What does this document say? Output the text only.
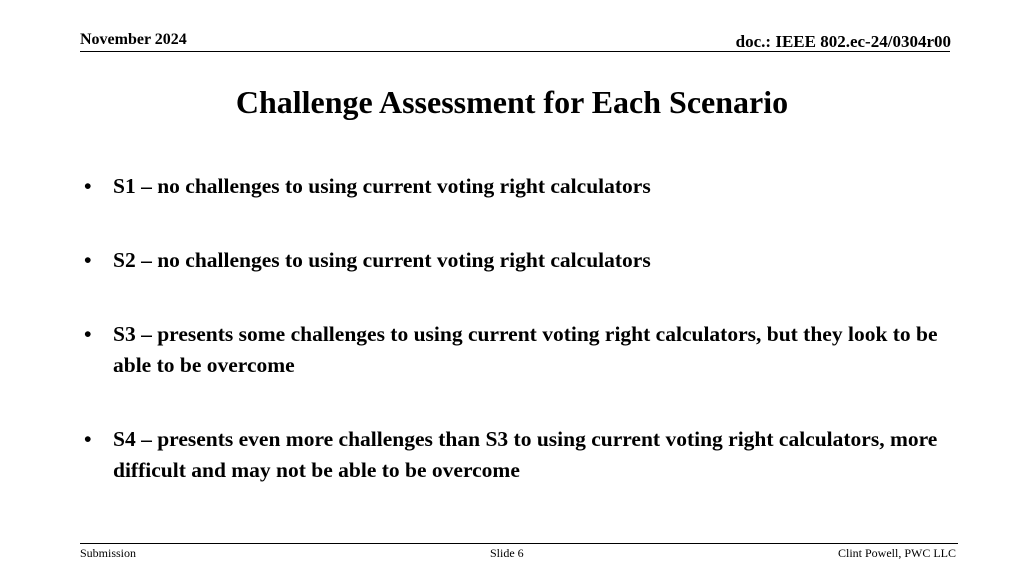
November 2024	doc.: IEEE 802.ec-24/0304r00
Challenge Assessment for Each Scenario
• S1 – no challenges to using current voting right calculators
• S2 – no challenges to using current voting right calculators
• S3 – presents some challenges to using current voting right calculators, but they look to be able to be overcome
• S4 – presents even more challenges than S3 to using current voting right calculators, more difficult and may not be able to be overcome
Submission	Slide 6	Clint Powell, PWC LLC
